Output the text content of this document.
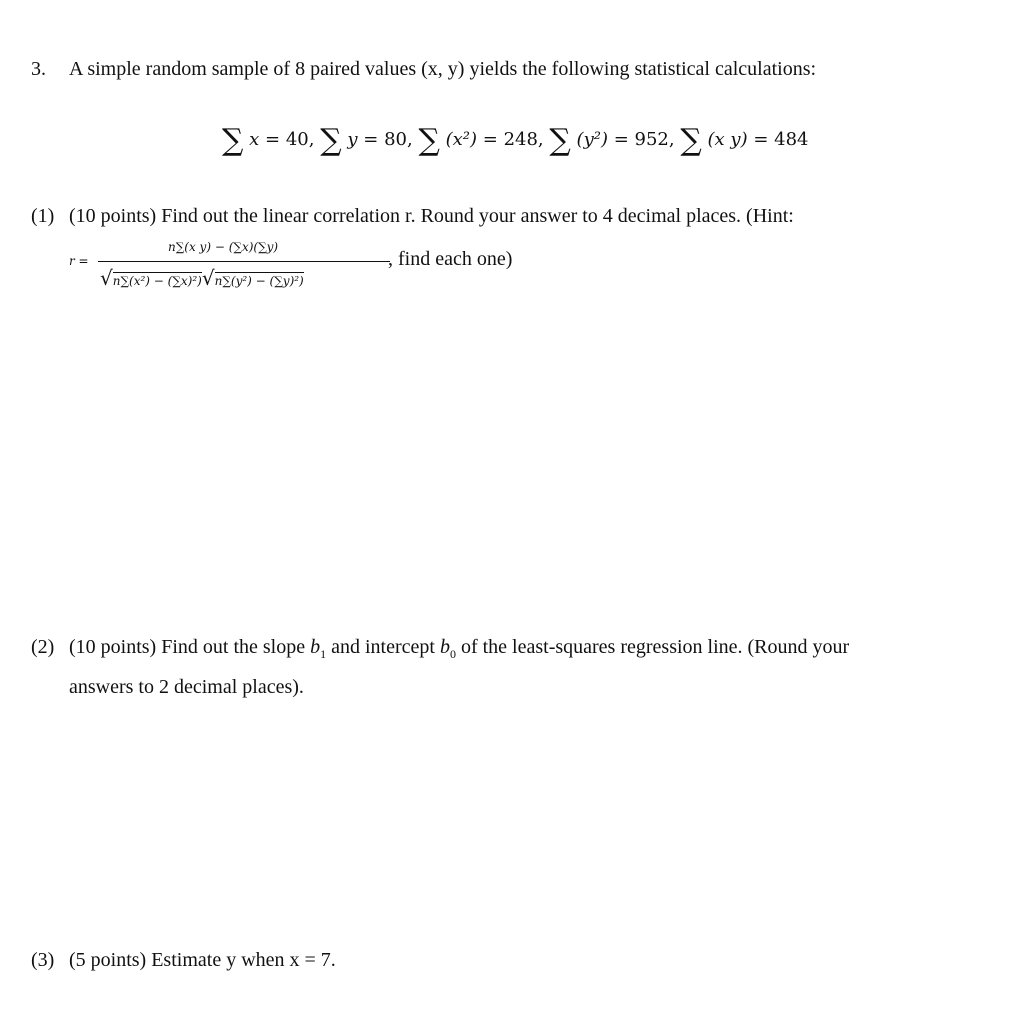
3. A simple random sample of 8 paired values (x, y) yields the following statistical calculations:
∑ x = 40, ∑ y = 80, ∑ (x²) = 248, ∑ (y²) = 952, ∑ (x y) = 484
(1) (10 points) Find out the linear correlation r. Round your answer to 4 decimal places. (Hint:
r =
n∑(x y) − (∑x)(∑y)
√n∑(x²) − (∑x)²)√n∑(y²) − (∑y)²)
, find each one)
(2) (10 points) Find out the slope $b_1$ and intercept $b_0$ of the least-squares regression line. (Round your
answers to 2 decimal places).
(3) (5 points) Estimate y when x = 7.
